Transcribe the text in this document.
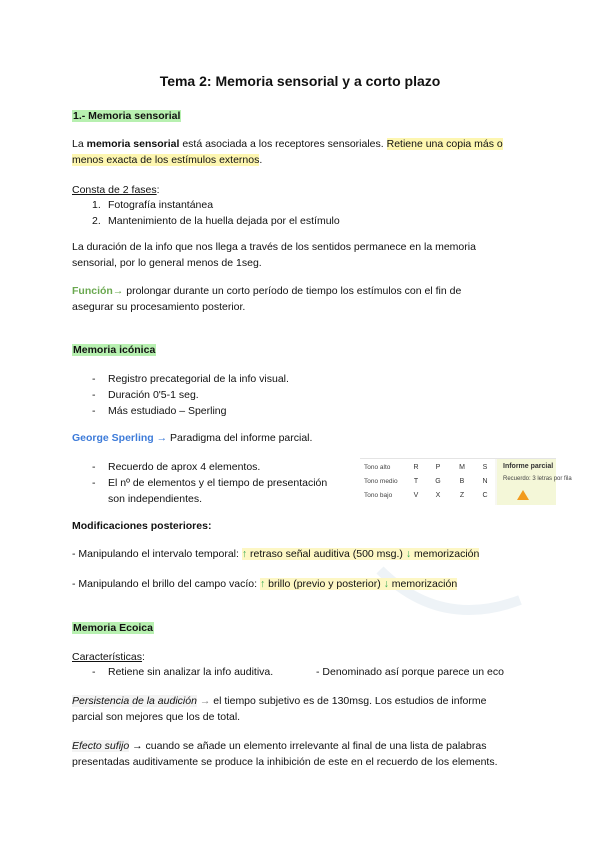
Tema 2: Memoria sensorial y a corto plazo
1.- Memoria sensorial
La memoria sensorial está asociada a los receptores sensoriales. Retiene una copia más o
menos exacta de los estímulos externos.
Consta de 2 fases:
1. Fotografía instantánea
2. Mantenimiento de la huella dejada por el estímulo
La duración de la info que nos llega a través de los sentidos permanece en la memoria
sensorial, por lo general menos de 1seg.
Función→ prolongar durante un corto período de tiempo los estímulos con el fin de
asegurar su procesamiento posterior.
Memoria icónica
- Registro precategorial de la info visual.
- Duración 0'5-1 seg.
- Más estudiado – Sperling
George Sperling → Paradigma del informe parcial.
- Recuerdo de aprox 4 elementos.
- El nº de elementos y el tiempo de presentación
son independientes.
Tono alto	R	P	M	S
Tono medio	T	G	B	N
Tono bajo	V	X	Z	C
Informe parcial
Recuerdo: 3 letras por fila
Modificaciones posteriores:
- Manipulando el intervalo temporal: ↑ retraso señal auditiva (500 msg.) ↓ memorización
- Manipulando el brillo del campo vacío: ↑ brillo (previo y posterior) ↓ memorización
Memoria Ecoica
Características:
- Retiene sin analizar la info auditiva.	- Denominado así porque parece un eco
Persistencia de la audición → el tiempo subjetivo es de 130msg. Los estudios de informe
parcial son mejores que los de total.
Efecto sufijo → cuando se añade un elemento irrelevante al final de una lista de palabras
presentadas auditivamente se produce la inhibición de este en el recuerdo de los elements.
